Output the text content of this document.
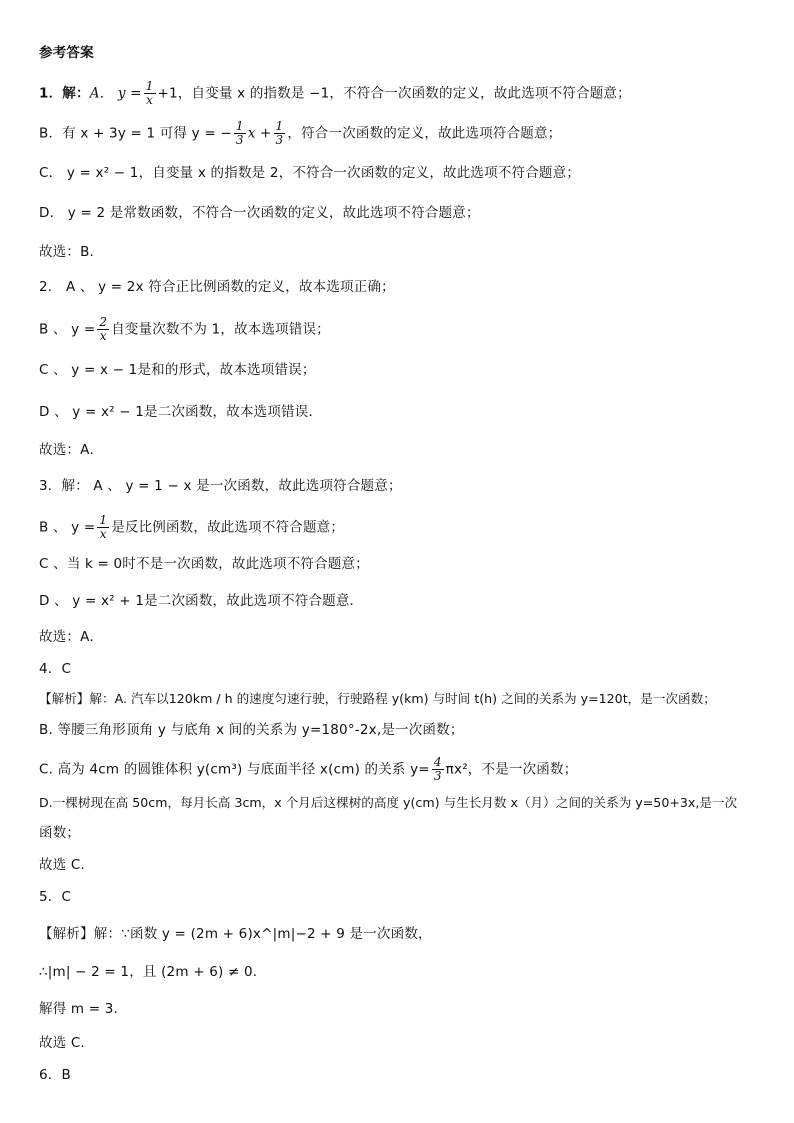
参考答案
1．解：A． $y = \frac{1}{x} +1$，自变量 x 的指数是 −1，不符合一次函数的定义，故此选项不符合题意；
B．有 x + 3y = 1 可得 y = − $\frac{1}{3}$ $x + \frac{1}{3}$ ，符合一次函数的定义，故此选项符合题意；
C． y = x² − 1，自变量 x 的指数是 2，不符合一次函数的定义，故此选项不符合题意；
D． y = 2 是常数函数，不符合一次函数的定义，故此选项不符合题意；
故选：B．
2． A 、 y = 2x 符合正比例函数的定义，故本选项正确；
B 、 $y = \frac{2}{x}$ 自变量次数不为 1，故本选项错误；
C 、 y = x − 1是和的形式，故本选项错误；
D 、 y = x² − 1是二次函数，故本选项错误．
故选：A．
3．解： A 、 y = 1 − x 是一次函数，故此选项符合题意；
B 、 $y = \frac{1}{x}$ 是反比例函数，故此选项不符合题意；
C 、当 k = 0时不是一次函数，故此选项不符合题意；
D 、 y = x² + 1是二次函数，故此选项不符合题意．
故选：A．
4．C
【解析】解：A. 汽车以120km / h 的速度匀速行驶，行驶路程 y(km) 与时间 t(h) 之间的关系为 y=120t，是一次函数；
B. 等腰三角形顶角 y 与底角 x 间的关系为 y=180°-2x,是一次函数；
C. 高为 4cm 的圆锥体积 y(cm³) 与底面半径 x(cm) 的关系 $y= \frac{4}{3} \pi x^2$，不是一次函数；
D.一棵树现在高 50cm，每月长高 3cm，x 个月后这棵树的高度 y(cm) 与生长月数 x（月）之间的关系为 y=50+3x,是一次
函数；
故选 C．
5．C
【解析】解：∵函数 y = (2m + 6)x^|m|−2 + 9 是一次函数，
∴|m| − 2 = 1，且 (2m + 6) ≠ 0．
解得 m = 3．
故选 C．
6．B
